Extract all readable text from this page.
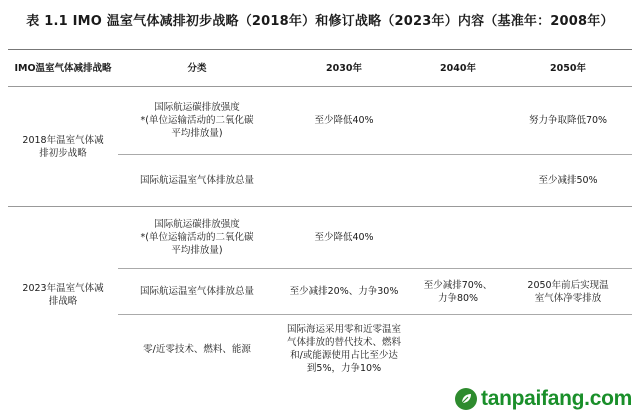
表 1.1 IMO 温室气体减排初步战略（2018年）和修订战略（2023年）内容（基准年：2008年）
IMO温室气体减排战略	分类	2030年	2040年	2050年
2018年温室气体减排初步战略	国际航运碳排放强度
*(单位运输活动的二氧化碳
平均排放量)	至少降低40%		努力争取降低70%

	国际航运温室气体排放总量			至少减排50%
2023年温室气体减排战略	国际航运碳排放强度
*(单位运输活动的二氧化碳
平均排放量)	至少降低40%		

	国际航运温室气体排放总量	至少减排20%、力争30%	至少减排70%、
力争80%	2050年前后实现温
室气体净零排放

	零/近零技术、燃料、能源	国际海运采用零和近零温室
气体排放的替代技术、燃料
和/或能源使用占比至少达
到5%，力争10%		

tanpaifang.com
